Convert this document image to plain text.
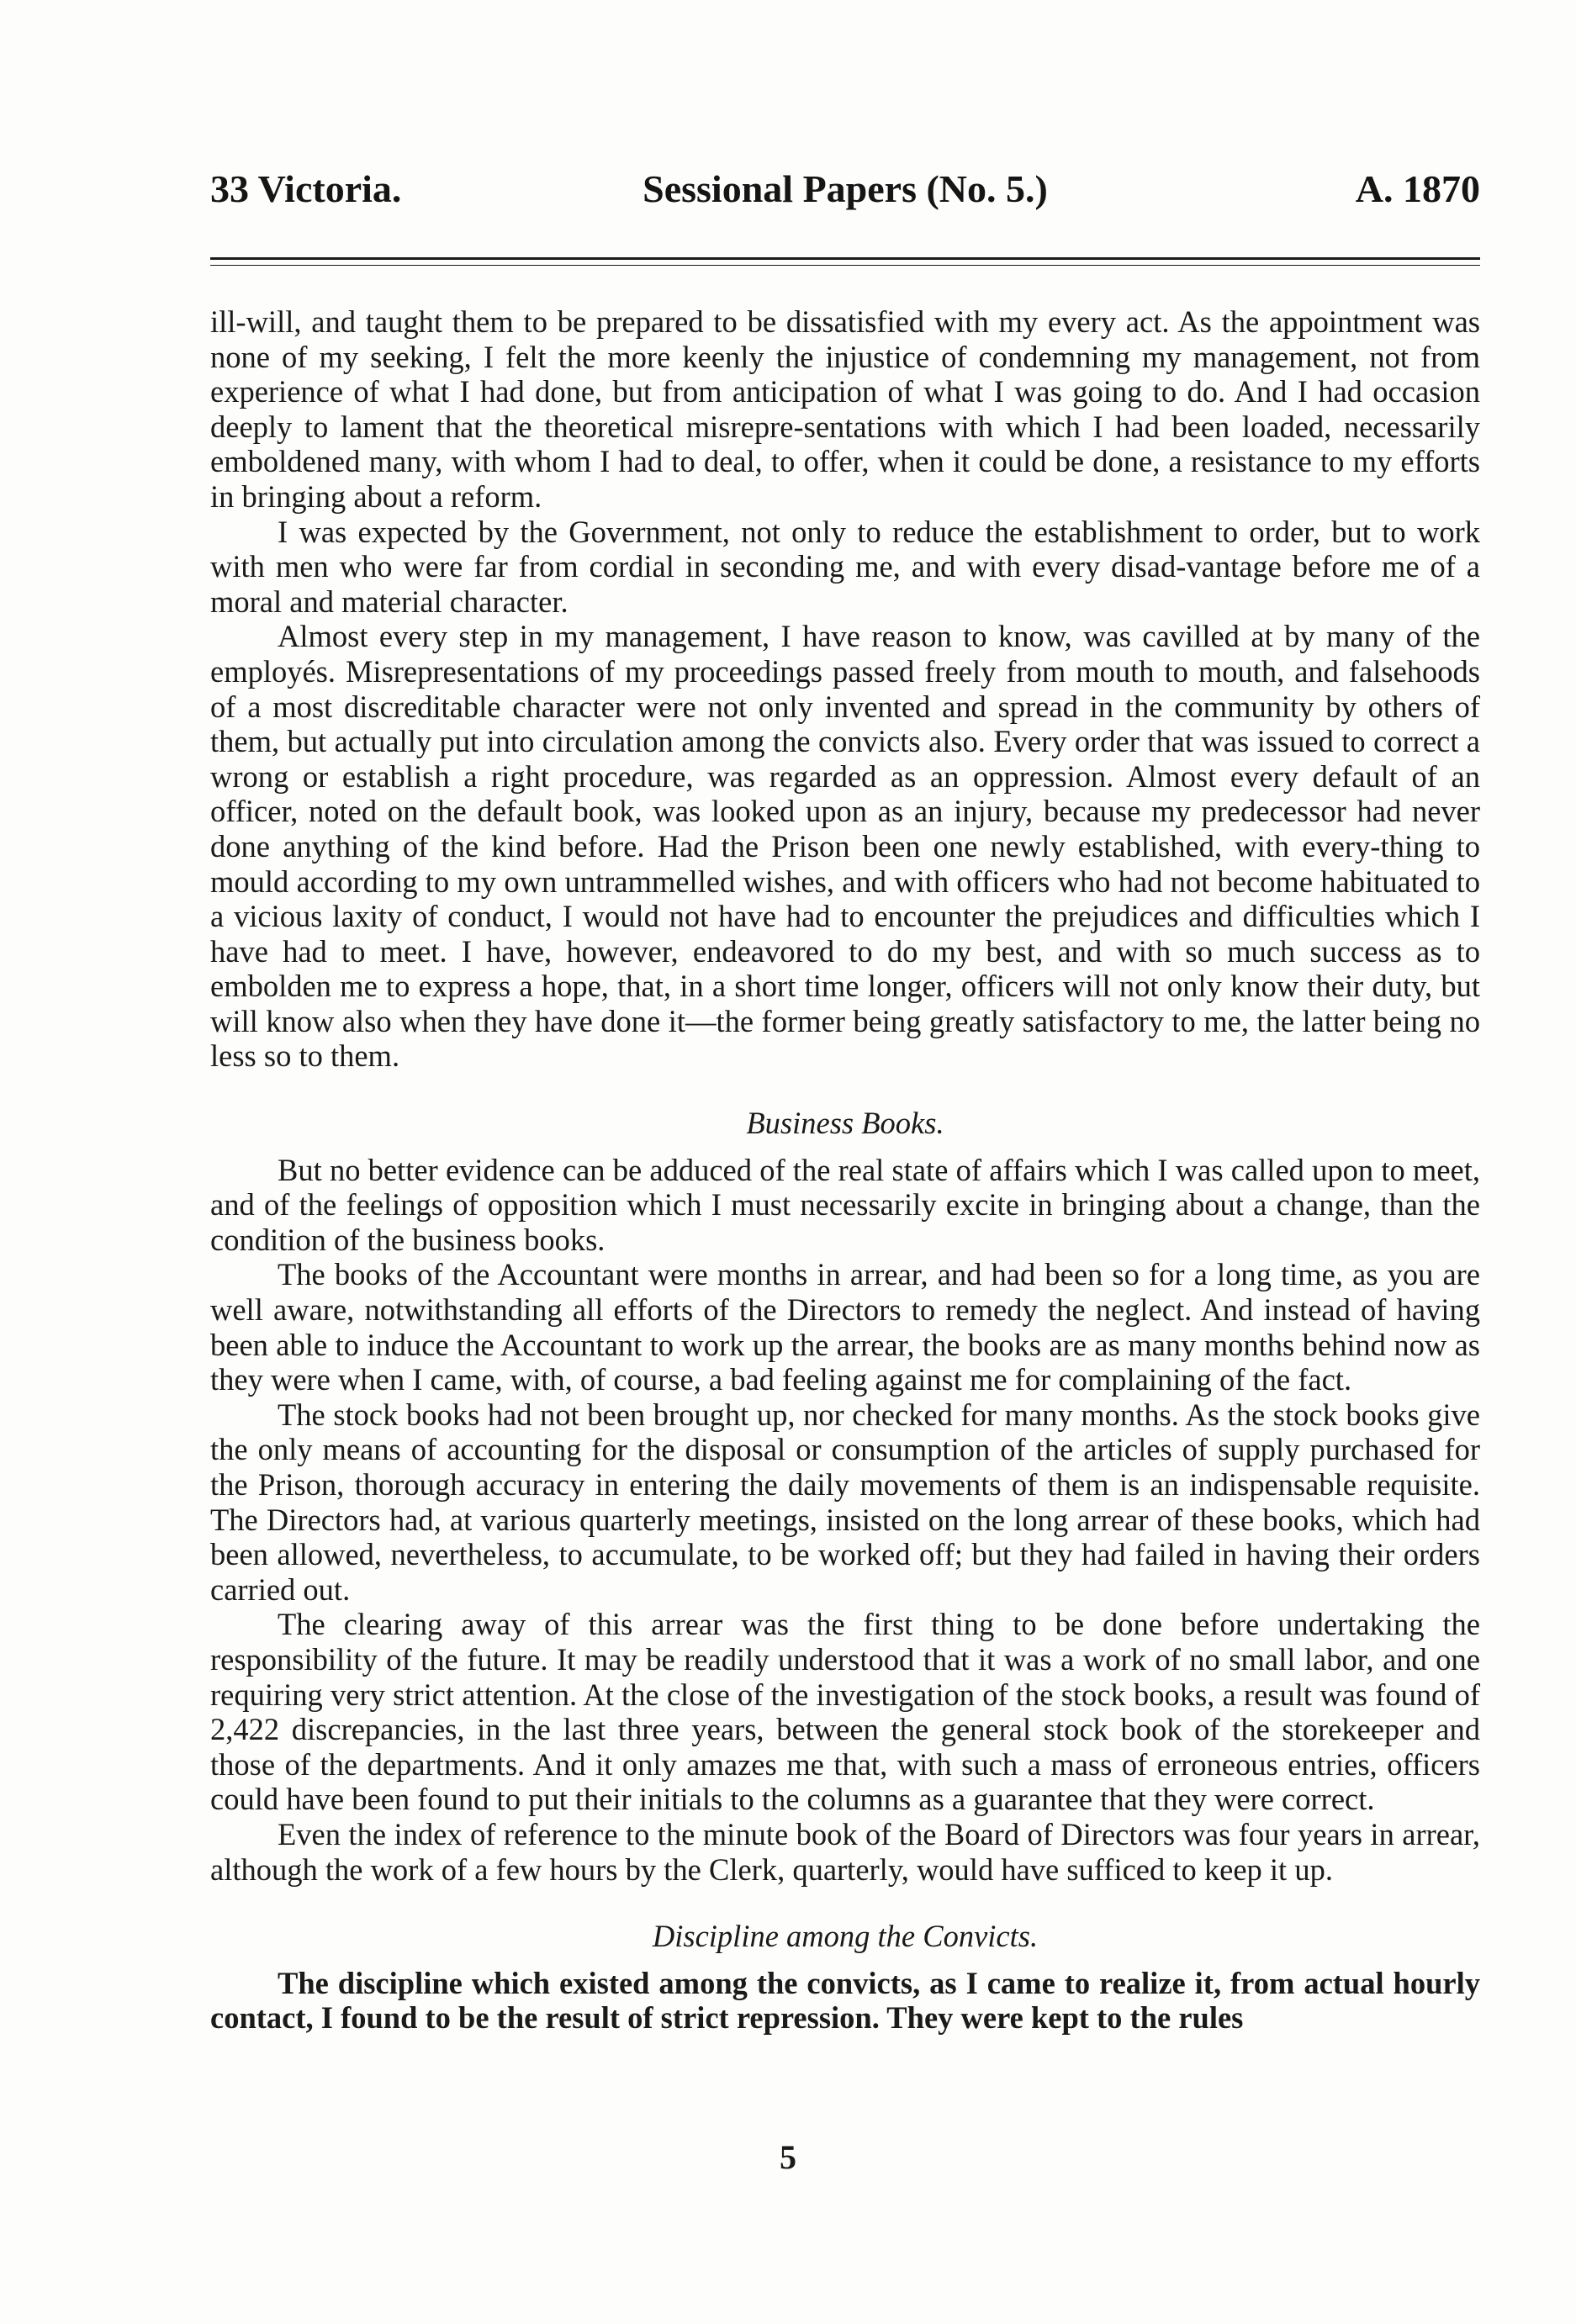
33 Victoria.	Sessional Papers (No. 5.)	A. 1870

ill-will, and taught them to be prepared to be dissatisfied with my every act. As the appointment was none of my seeking, I felt the more keenly the injustice of condemning my management, not from experience of what I had done, but from anticipation of what I was going to do. And I had occasion deeply to lament that the theoretical misrepre-sentations with which I had been loaded, necessarily emboldened many, with whom I had to deal, to offer, when it could be done, a resistance to my efforts in bringing about a reform.

I was expected by the Government, not only to reduce the establishment to order, but to work with men who were far from cordial in seconding me, and with every disad-vantage before me of a moral and material character.

Almost every step in my management, I have reason to know, was cavilled at by many of the employés. Misrepresentations of my proceedings passed freely from mouth to mouth, and falsehoods of a most discreditable character were not only invented and spread in the community by others of them, but actually put into circulation among the convicts also. Every order that was issued to correct a wrong or establish a right procedure, was regarded as an oppression. Almost every default of an officer, noted on the default book, was looked upon as an injury, because my predecessor had never done anything of the kind before. Had the Prison been one newly established, with every-thing to mould according to my own untrammelled wishes, and with officers who had not become habituated to a vicious laxity of conduct, I would not have had to encounter the prejudices and difficulties which I have had to meet. I have, however, endeavored to do my best, and with so much success as to embolden me to express a hope, that, in a short time longer, officers will not only know their duty, but will know also when they have done it—the former being greatly satisfactory to me, the latter being no less so to them.

Business Books.

But no better evidence can be adduced of the real state of affairs which I was called upon to meet, and of the feelings of opposition which I must necessarily excite in bringing about a change, than the condition of the business books.

The books of the Accountant were months in arrear, and had been so for a long time, as you are well aware, notwithstanding all efforts of the Directors to remedy the neglect. And instead of having been able to induce the Accountant to work up the arrear, the books are as many months behind now as they were when I came, with, of course, a bad feeling against me for complaining of the fact.

The stock books had not been brought up, nor checked for many months. As the stock books give the only means of accounting for the disposal or consumption of the articles of supply purchased for the Prison, thorough accuracy in entering the daily movements of them is an indispensable requisite. The Directors had, at various quarterly meetings, insisted on the long arrear of these books, which had been allowed, nevertheless, to accumulate, to be worked off; but they had failed in having their orders carried out.

The clearing away of this arrear was the first thing to be done before undertaking the responsibility of the future. It may be readily understood that it was a work of no small labor, and one requiring very strict attention. At the close of the investigation of the stock books, a result was found of 2,422 discrepancies, in the last three years, between the general stock book of the storekeeper and those of the departments. And it only amazes me that, with such a mass of erroneous entries, officers could have been found to put their initials to the columns as a guarantee that they were correct.

Even the index of reference to the minute book of the Board of Directors was four years in arrear, although the work of a few hours by the Clerk, quarterly, would have sufficed to keep it up.

Discipline among the Convicts.

The discipline which existed among the convicts, as I came to realize it, from actual hourly contact, I found to be the result of strict repression. They were kept to the rules

5
